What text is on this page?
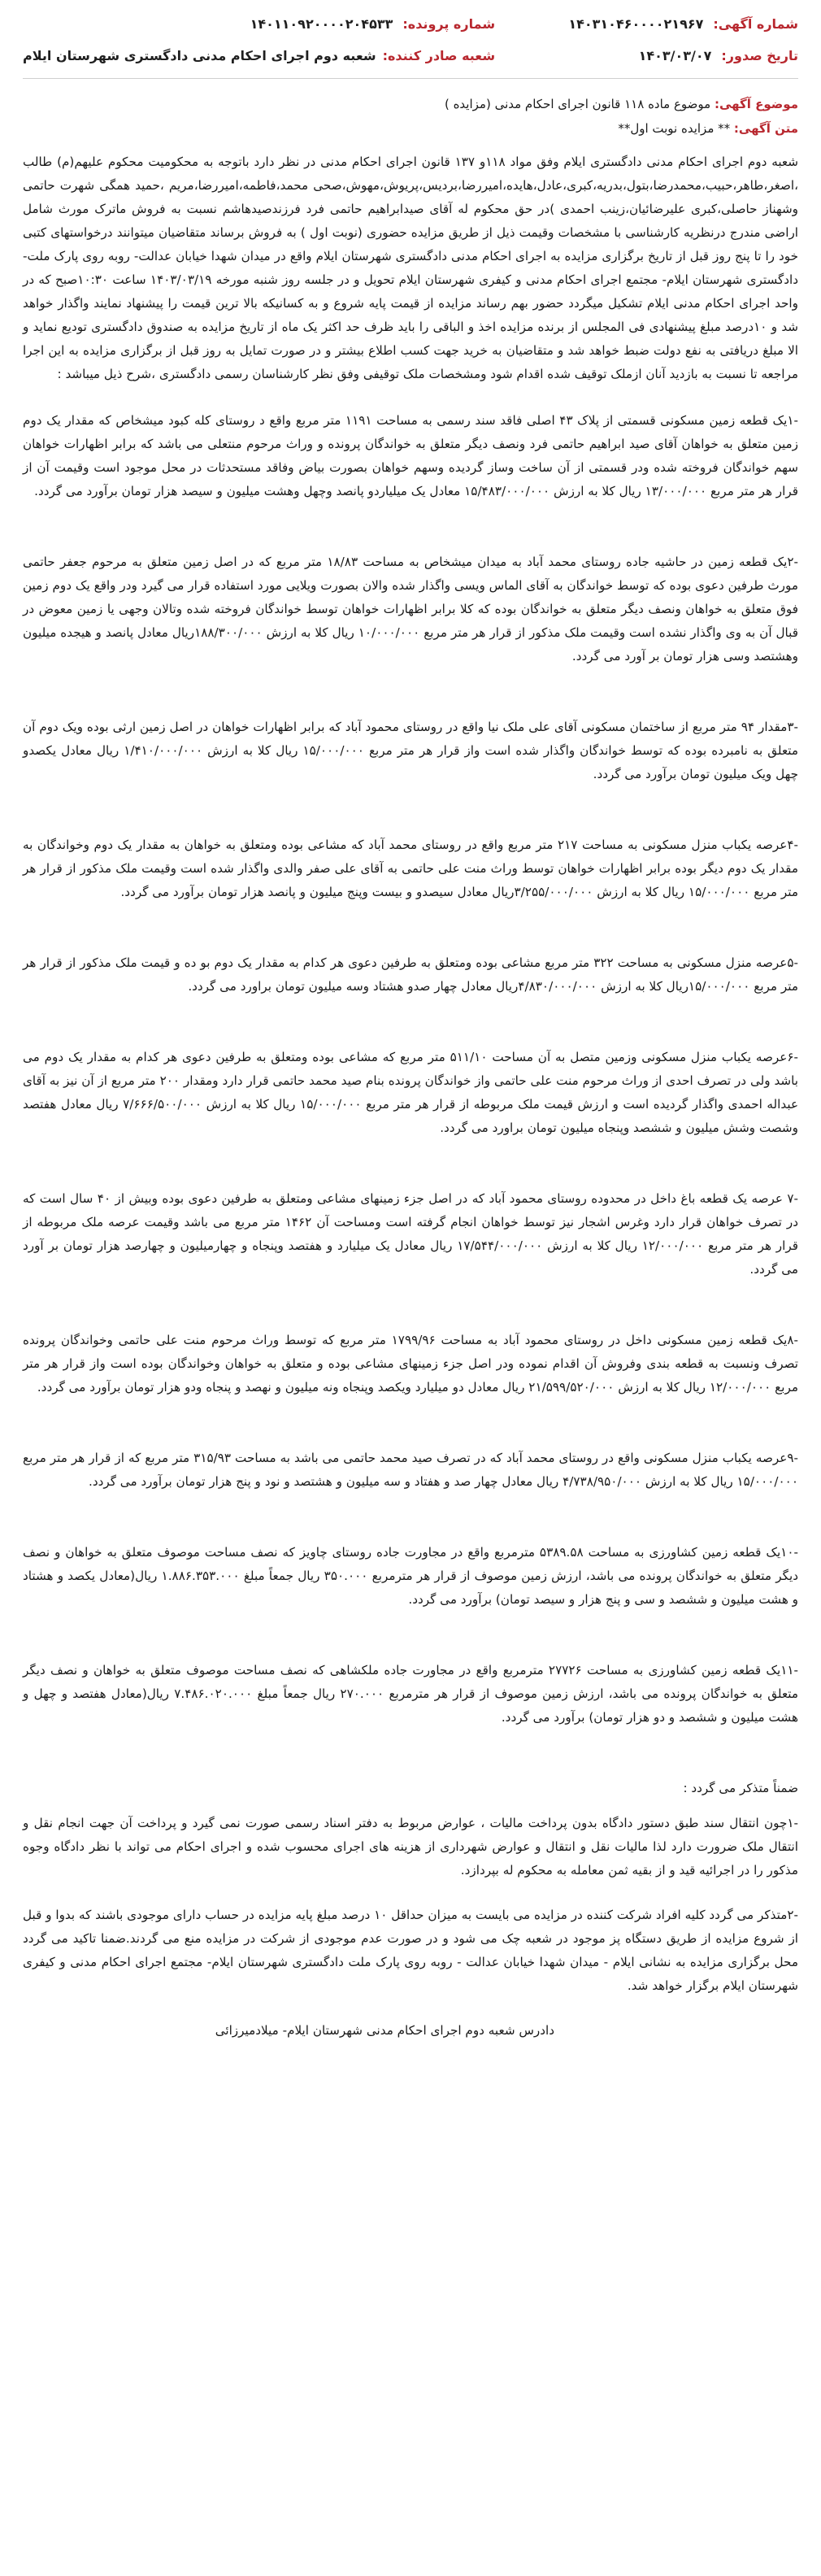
شماره آگهی:۱۴۰۳۱۰۴۶۰۰۰۰۲۱۹۶۷
تاریخ صدور:۱۴۰۳/۰۳/۰۷
شماره پرونده:۱۴۰۱۱۰۹۲۰۰۰۰۲۰۴۵۳۳
شعبه صادر کننده:شعبه دوم اجرای احکام مدنی دادگستری شهرستان ایلام
موضوع آگهی: موضوع ماده ۱۱۸ قانون اجرای احکام مدنی (مزایده )
متن آگهی: ** مزایده نوبت اول**

شعبه دوم اجرای احکام مدنی دادگستری ایلام وفق مواد ۱۱۸و ۱۳۷ قانون اجرای احکام مدنی در نظر دارد باتوجه به محکومیت محکوم علیهم(م) طالب ،اصغر،طاهر،حبیب،محمدرضا،بتول،بدریه،کبری،عادل،هایده،امیررضا،بردیس،پریوش،مهوش،صحی محمد،فاطمه،امیررضا،مریم ،حمید همگی شهرت حاتمی وشهناز حاصلی،کبری علیرضائیان،زینب احمدی )در حق محکوم له آقای صیدابراهیم حاتمی فرد فرزندصیدهاشم نسبت به فروش ماترک مورث شامل اراضی مندرج درنظریه کارشناسی با مشخصات وقیمت ذیل از طریق مزایده حضوری (نوبت اول ) به فروش برساند متقاضیان میتوانند درخواستهای کتبی خود را تا پنج روز قبل از تاریخ برگزاری مزایده به اجرای احکام مدنی دادگستری شهرستان ایلام واقع در میدان شهدا خیابان عدالت- روبه روی پارک ملت- دادگستری شهرستان ایلام- مجتمع اجرای احکام مدنی و کیفری شهرستان ایلام تحویل و در جلسه روز شنبه مورخه ۱۴۰۳/۰۳/۱۹ ساعت ۱۰:۳۰صبح که در واحد اجرای احکام مدنی ایلام تشکیل میگردد حضور بهم رساند مزایده از قیمت پایه شروع و به کسانیکه بالا ترین قیمت را پیشنهاد نمایند واگذار خواهد شد و ۱۰درصد مبلغ پیشنهادی فی المجلس از برنده مزایده اخذ و الباقی را باید ظرف حد اکثر یک ماه از تاریخ مزایده به صندوق دادگستری تودیع نماید و الا مبلغ دریافتی به نفع دولت ضبط خواهد شد و متقاضیان به خرید جهت کسب اطلاع بیشتر و در صورت تمایل به روز قبل از برگزاری مزایده به این اجرا مراجعه تا نسبت به بازدید آنان ازملک توقیف شده اقدام شود ومشخصات ملک توقیفی وفق نظر کارشناسان رسمی دادگستری ،شرح ذیل میباشد :

-۱یک قطعه زمین مسکونی قسمتی از پلاک ۴۳ اصلی فاقد سند رسمی به مساحت ۱۱۹۱ متر مربع واقع د روستای کله کبود میشخاص که مقدار یک دوم زمین متعلق به خواهان آقای صید ابراهیم حاتمی فرد ونصف دیگر متعلق به خواندگان پرونده و وراث مرحوم منتعلی می باشد که برابر اظهارات خواهان سهم خواندگان فروخته شده ودر قسمتی از آن ساخت وساز گردیده وسهم خواهان بصورت بیاض وفاقد مستحدثات در محل موجود است وقیمت آن از قرار هر متر مربع ۱۳/۰۰۰/۰۰۰ ریال کلا به ارزش ۱۵/۴۸۳/۰۰۰/۰۰۰ معادل یک میلیاردو پانصد وچهل وهشت میلیون و سیصد هزار تومان برآورد می گردد.

-۲یک قطعه زمین در حاشیه جاده روستای محمد آباد به میدان میشخاص به مساحت ۱۸/۸۳ متر مربع که در اصل زمین متعلق به مرحوم جعفر حاتمی مورث طرفین دعوی بوده که توسط خواندگان به آقای الماس ویسی واگذار شده والان بصورت ویلایی مورد استفاده قرار می گیرد ودر واقع یک دوم زمین فوق متعلق به خواهان ونصف دیگر متعلق به خواندگان بوده که کلا برابر اظهارات خواهان توسط خواندگان فروخته شده وتالان وجهی یا زمین معوض در قبال آن به وی واگذار نشده است وقیمت ملک مذکور از قرار هر متر مربع ۱۰/۰۰۰/۰۰۰ ریال کلا به ارزش ۱۸۸/۳۰۰/۰۰۰ریال معادل پانصد و هیجده میلیون وهشتصد وسی هزار تومان بر آورد می گردد.

-۳مقدار ۹۴ متر مربع از ساختمان مسکونی آقای علی ملک نیا واقع در روستای محمود آباد که برابر اظهارات خواهان در اصل زمین ارثی بوده ویک دوم آن متعلق به نامبرده بوده که توسط خواندگان واگذار شده است واز قرار هر متر مربع ۱۵/۰۰۰/۰۰۰ ریال کلا به ارزش ۱/۴۱۰/۰۰۰/۰۰۰ ریال معادل یکصدو چهل ویک میلیون تومان برآورد می گردد.

-۴عرصه یکباب منزل مسکونی به مساحت ۲۱۷ متر مربع واقع در روستای محمد آباد که مشاعی بوده ومتعلق به خواهان به مقدار یک دوم وخواندگان به مقدار یک دوم دیگر بوده برابر اظهارات خواهان توسط وراث منت علی حاتمی به آقای علی صفر والدی واگذار شده است وقیمت ملک مذکور از قرار هر متر مربع ۱۵/۰۰۰/۰۰۰ ریال کلا به ارزش ۳/۲۵۵/۰۰۰/۰۰۰ریال معادل سیصدو و بیست وپنج میلیون و پانصد هزار تومان برآورد می گردد.

-۵عرصه منزل مسکونی به مساحت ۳۲۲ متر مربع مشاعی بوده ومتعلق به طرفین دعوی هر کدام به مقدار یک دوم بو ده و قیمت ملک مذکور از قرار هر متر مربع ۱۵/۰۰۰/۰۰۰ریال کلا به ارزش ۴/۸۳۰/۰۰۰/۰۰۰ریال معادل چهار صدو هشتاد وسه میلیون تومان براورد می گردد.

-۶عرصه یکباب منزل مسکونی وزمین متصل به آن مساحت ۵۱۱/۱۰ متر مربع که مشاعی بوده ومتعلق به طرفین دعوی هر کدام به مقدار یک دوم می باشد ولی در تصرف احدی از وراث مرحوم منت علی حاتمی واز خواندگان پرونده بنام صید محمد حاتمی قرار دارد ومقدار ۲۰۰ متر مربع از آن نیز به آقای عبداله احمدی واگذار گردیده است و ارزش قیمت ملک مربوطه از قرار هر متر مربع ۱۵/۰۰۰/۰۰۰ ریال کلا به ارزش ۷/۶۶۶/۵۰۰/۰۰۰ ریال معادل هفتصد وشصت وشش میلیون و ششصد وپنجاه میلیون تومان براورد می گردد.

-۷ عرصه یک قطعه باغ داخل در محدوده روستای محمود آباد که در اصل جزء زمینهای مشاعی ومتعلق به طرفین دعوی بوده وبیش از ۴۰ سال است که در تصرف خواهان قرار دارد وغرس اشجار نیز توسط خواهان انجام گرفته است ومساحت آن ۱۴۶۲ متر مربع می باشد وقیمت عرصه ملک مربوطه از قرار هر متر مربع ۱۲/۰۰۰/۰۰۰ ریال کلا به ارزش ۱۷/۵۴۴/۰۰۰/۰۰۰ ریال معادل یک میلیارد و هفتصد وپنجاه و چهارمیلیون و چهارصد هزار تومان بر آورد می گردد.

-۸یک قطعه زمین مسکونی داخل در روستای محمود آباد به مساحت ۱۷۹۹/۹۶ متر مربع که توسط وراث مرحوم منت علی حاتمی وخواندگان پرونده تصرف ونسبت به قطعه بندی وفروش آن اقدام نموده ودر اصل جزء زمینهای مشاعی بوده و متعلق به خواهان وخواندگان بوده است واز قرار هر متر مربع ۱۲/۰۰۰/۰۰۰ ریال کلا به ارزش ۲۱/۵۹۹/۵۲۰/۰۰۰ ریال معادل دو میلیارد ویکصد وپنجاه ونه میلیون و نهصد و پنجاه ودو هزار تومان برآورد می گردد.

-۹عرصه یکباب منزل مسکونی واقع در روستای محمد آباد که در تصرف صید محمد حاتمی می باشد به مساحت ۳۱۵/۹۳ متر مربع که از قرار هر متر مربع ۱۵/۰۰۰/۰۰۰ ریال کلا به ارزش ۴/۷۳۸/۹۵۰/۰۰۰ ریال معادل چهار صد و هفتاد و سه میلیون و هشتصد و نود و پنج هزار تومان برآورد می گردد.

-۱۰یک قطعه زمین کشاورزی به مساحت ۵۳۸۹.۵۸ مترمربع واقع در مجاورت جاده روستای چاویز که نصف مساحت موصوف متعلق به خواهان و نصف دیگر متعلق به خواندگان پرونده می باشد، ارزش زمین موصوف از قرار هر مترمربع ۳۵۰.۰۰۰ ریال جمعاً مبلغ ۱.۸۸۶.۳۵۳.۰۰۰ ریال(معادل یکصد و هشتاد و هشت میلیون و ششصد و سی و پنج هزار و سیصد تومان) برآورد می گردد.

-۱۱یک قطعه زمین کشاورزی به مساحت ۲۷۷۲۶ مترمربع واقع در مجاورت جاده ملکشاهی که نصف مساحت موصوف متعلق به خواهان و نصف دیگر متعلق به خواندگان پرونده می باشد، ارزش زمین موصوف از قرار هر مترمربع ۲۷۰.۰۰۰ ریال جمعاً مبلغ ۷.۴۸۶.۰۲۰.۰۰۰ ریال(معادل هفتصد و چهل و هشت میلیون و ششصد و دو هزار تومان) برآورد می گردد.

ضمناً متذکر می گردد :

-۱چون انتقال سند طبق دستور دادگاه بدون پرداخت مالیات ، عوارض مربوط به دفتر اسناد رسمی صورت نمی گیرد و پرداخت آن جهت انجام نقل و انتقال ملک ضرورت دارد لذا مالیات نقل و انتقال و عوارض شهرداری از هزینه های اجرای محسوب شده و اجرای احکام می تواند با نظر دادگاه وجوه مذکور را در اجرائیه قید و از بقیه ثمن معامله به محکوم له بپردازد.

-۲متذکر می گردد کلیه افراد شرکت کننده در مزایده می بایست به میزان حداقل ۱۰ درصد مبلغ پایه مزایده در حساب دارای موجودی باشند که بدوا و قبل از شروع مزایده از طریق دستگاه پز موجود در شعبه چک می شود و در صورت عدم موجودی از شرکت در مزایده منع می گردند.ضمنا تاکید می گردد محل برگزاری مزایده به نشانی ایلام - میدان شهدا خیابان عدالت - روبه روی پارک ملت دادگستری شهرستان ایلام- مجتمع اجرای احکام مدنی و کیفری شهرستان ایلام برگزار خواهد شد.

دادرس شعبه دوم اجرای احکام مدنی شهرستان ایلام- میلادمیرزائی
